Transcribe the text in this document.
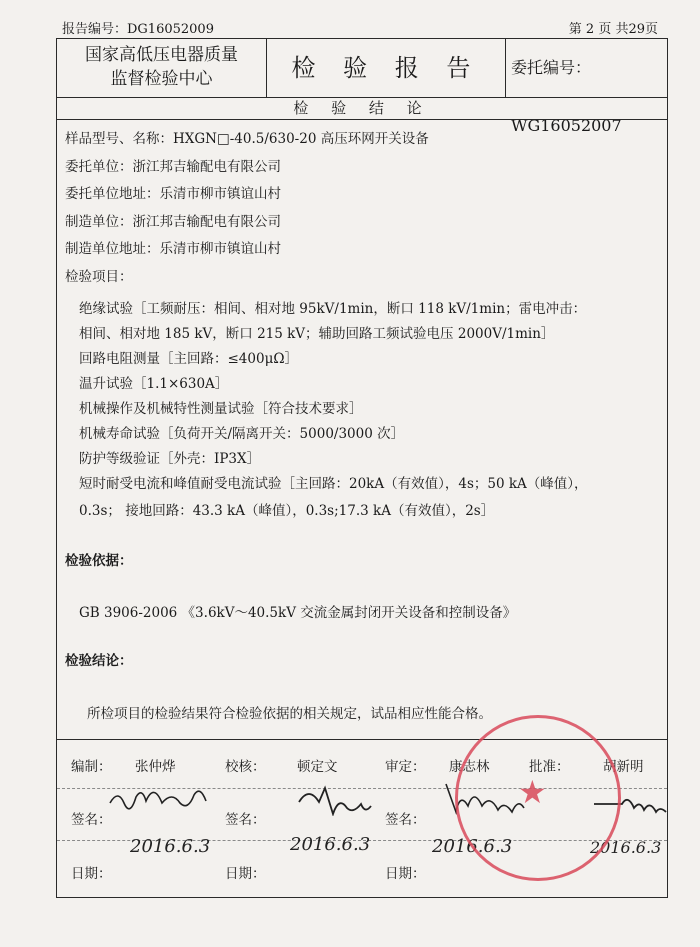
报告编号：DG16052009	第 2 页 共29页
国家高低压电器质量
监督检验中心	检 验 报 告	委托编号：WG16052007
检 验 结 论
样品型号、名称：HXGN□-40.5/630-20 高压环网开关设备
委托单位：浙江邦吉输配电有限公司
委托单位地址：乐清市柳市镇谊山村
制造单位：浙江邦吉输配电有限公司
制造单位地址：乐清市柳市镇谊山村
检验项目：
绝缘试验［工频耐压：相间、相对地 95kV/1min，断口 118 kV/1min；雷电冲击：
相间、相对地 185 kV，断口 215 kV；辅助回路工频试验电压 2000V/1min］
回路电阻测量［主回路：≤400μΩ］
温升试验［1.1×630A］
机械操作及机械特性测量试验［符合技术要求］
机械寿命试验［负荷开关/隔离开关：5000/3000 次］
防护等级验证［外壳：IP3X］
短时耐受电流和峰值耐受电流试验［主回路：20kA（有效值），4s；50 kA（峰值），
0.3s； 接地回路：43.3 kA（峰值），0.3s;17.3 kA（有效值），2s］
检验依据：
GB 3906-2006 《3.6kV～40.5kV 交流金属封闭开关设备和控制设备》
检验结论：
所检项目的检验结果符合检验依据的相关规定，试品相应性能合格。
编制： 张仲烨	校核： 顿定文	审定： 康志林	批准： 胡新明
签名：	签名：	签名：
日期：	日期：	日期：
2016.6.3	2016.6.3	2016.6.3	2016.6.3
★
